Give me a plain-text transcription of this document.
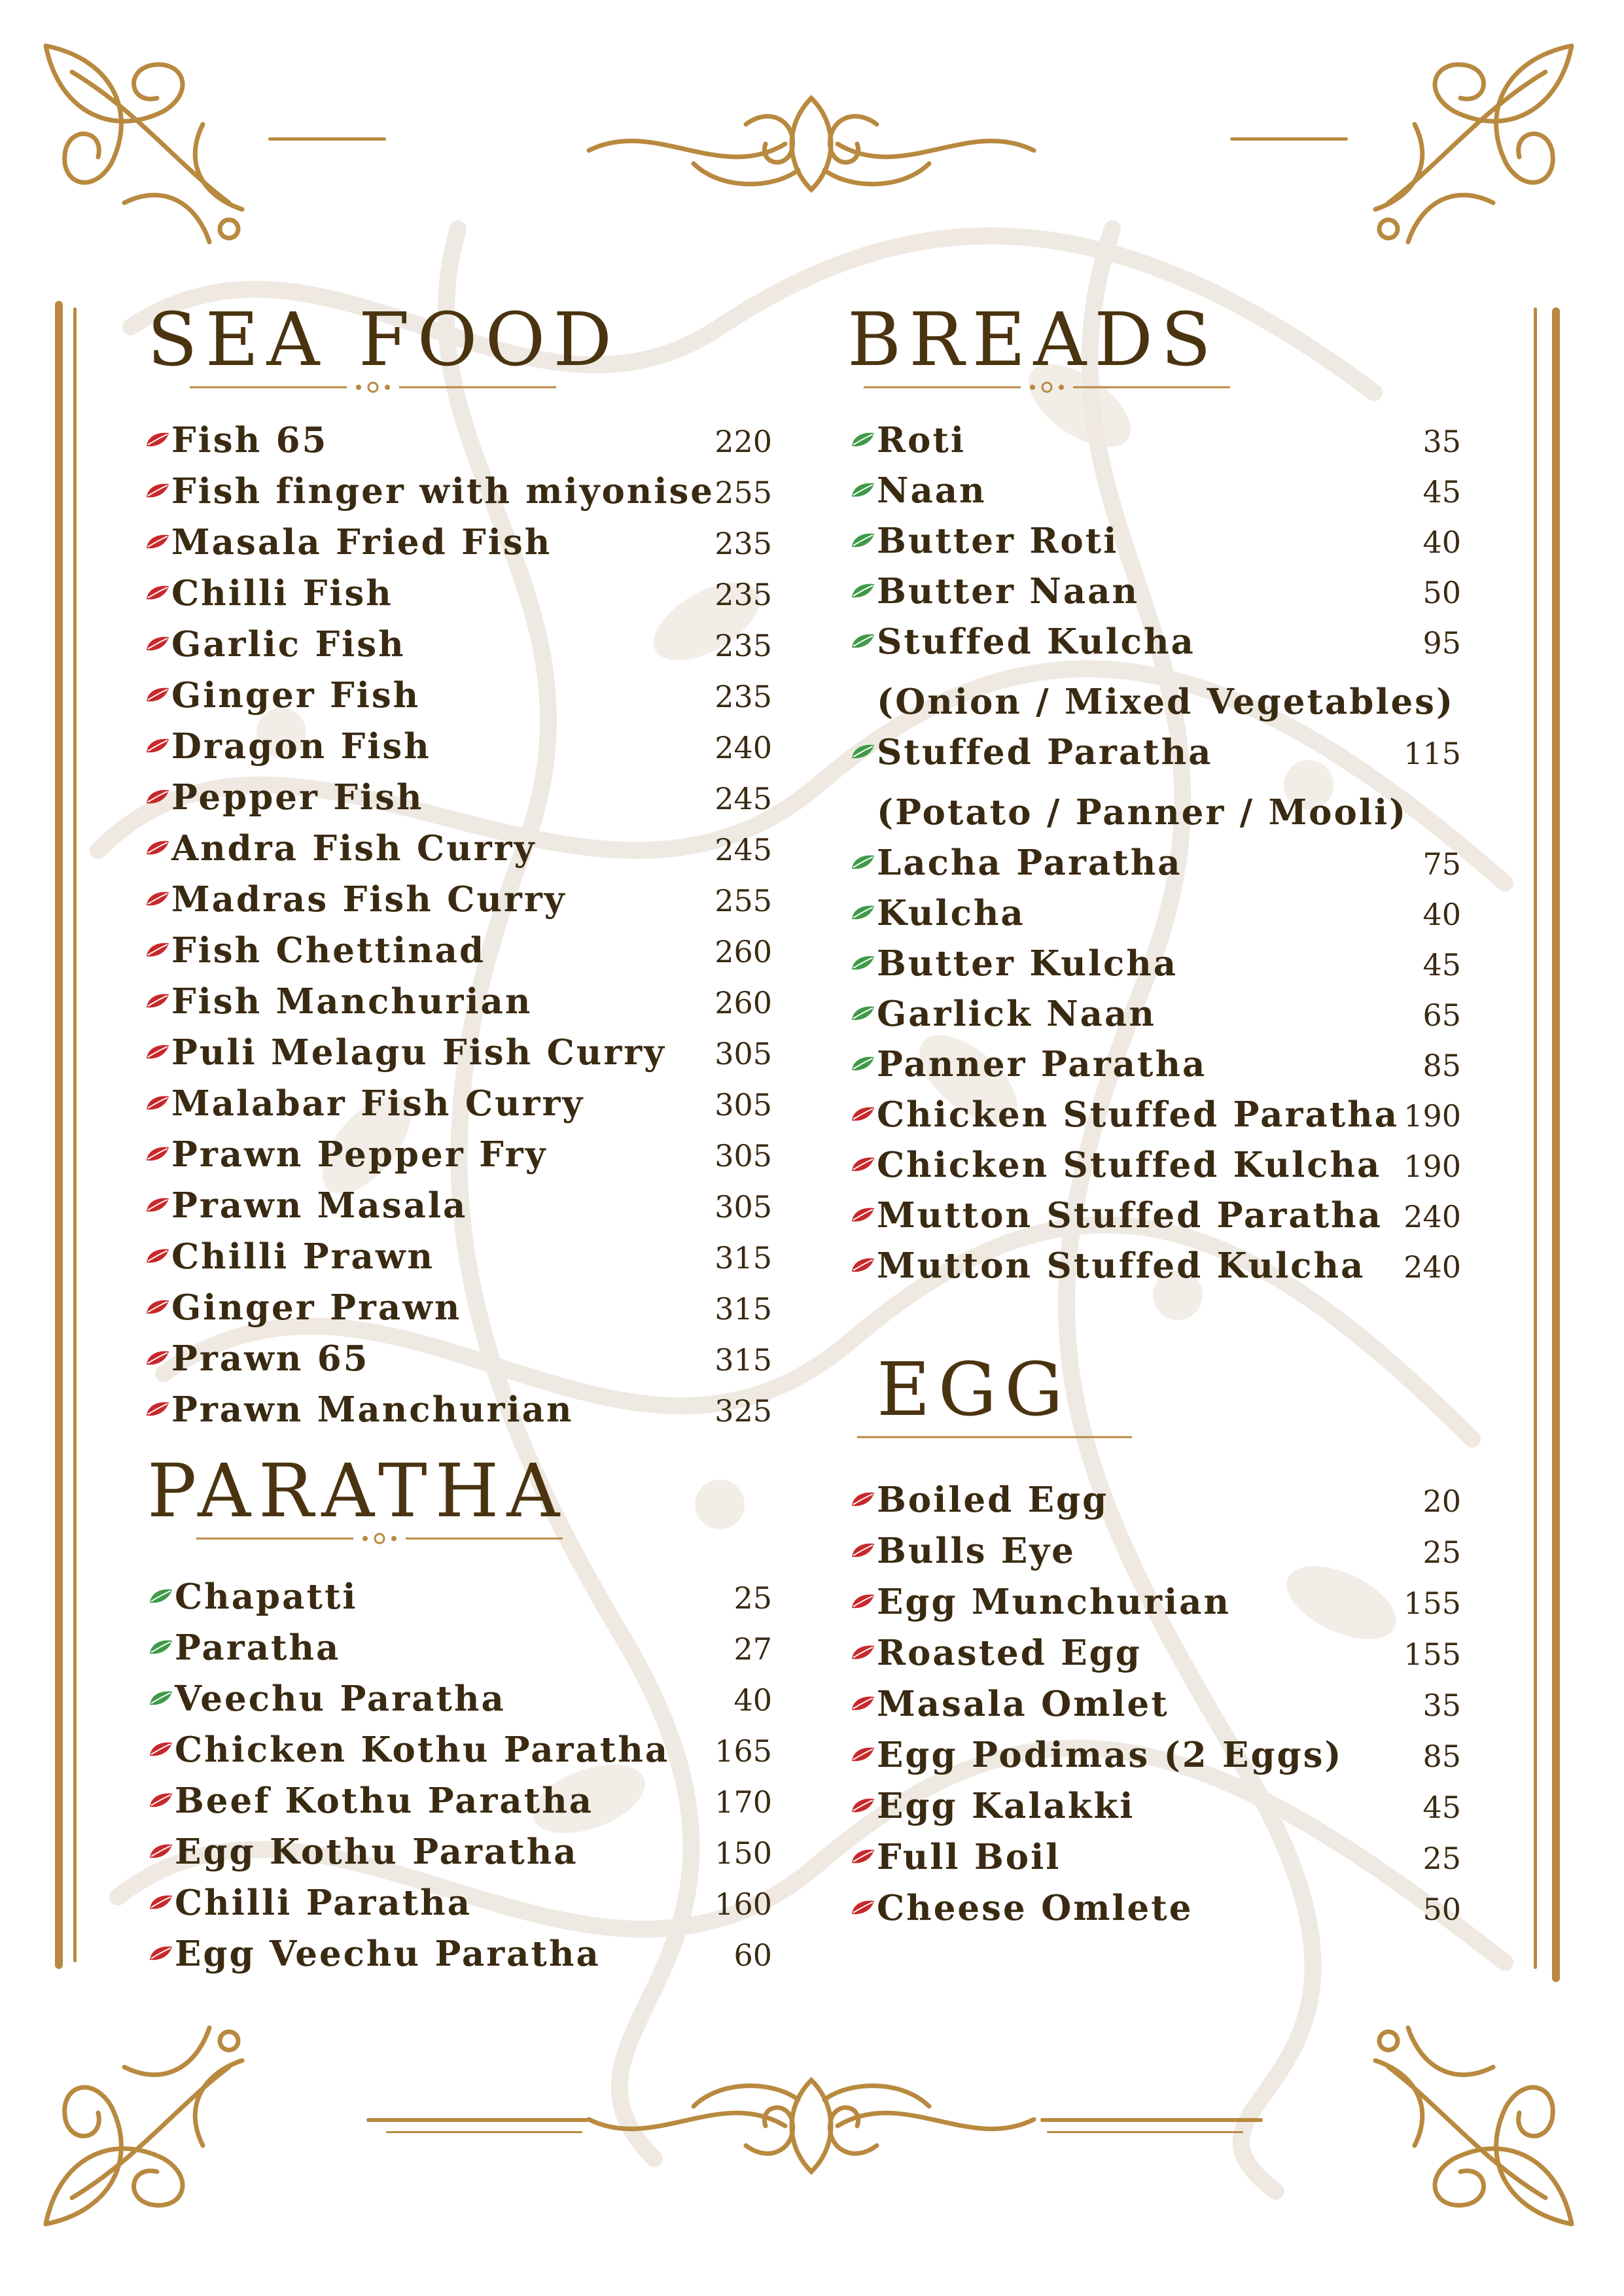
SEA FOOD
Fish 65	220
Fish finger with miyonise 255
Masala Fried Fish	235
Chilli Fish	235
Garlic Fish	235
Ginger Fish	235
Dragon Fish	240
Pepper Fish	245
Andra Fish Curry	245
Madras Fish Curry	255
Fish Chettinad	260
Fish Manchurian	260
Puli Melagu Fish Curry 305
Malabar Fish Curry	305
Prawn Pepper Fry	305
Prawn Masala	305
Chilli Prawn	315
Ginger Prawn	315
Prawn 65	315
Prawn Manchurian	325
PARATHA
Chapatti	25
Paratha	27
Veechu Paratha	40
Chicken Kothu Paratha 165
Beef Kothu Paratha	170
Egg Kothu Paratha	150
Chilli Paratha	160
Egg Veechu Paratha	60
BREADS
Roti	35
Naan	45
Butter Roti	40
Butter Naan	50
Stuffed Kulcha	95
(Onion / Mixed Vegetables)
Stuffed Paratha	115
(Potato / Panner / Mooli)
Lacha Paratha	75
Kulcha	40
Butter Kulcha	45
Garlick Naan	65
Panner Paratha	85
Chicken Stuffed Paratha 190
Chicken Stuffed Kulcha 190
Mutton Stuffed Paratha 240
Mutton Stuffed Kulcha 240
EGG
Boiled Egg	20
Bulls Eye	25
Egg Munchurian	155
Roasted Egg	155
Masala Omlet	35
Egg Podimas (2 Eggs)	85
Egg Kalakki	45
Full Boil	25
Cheese Omlete	50
